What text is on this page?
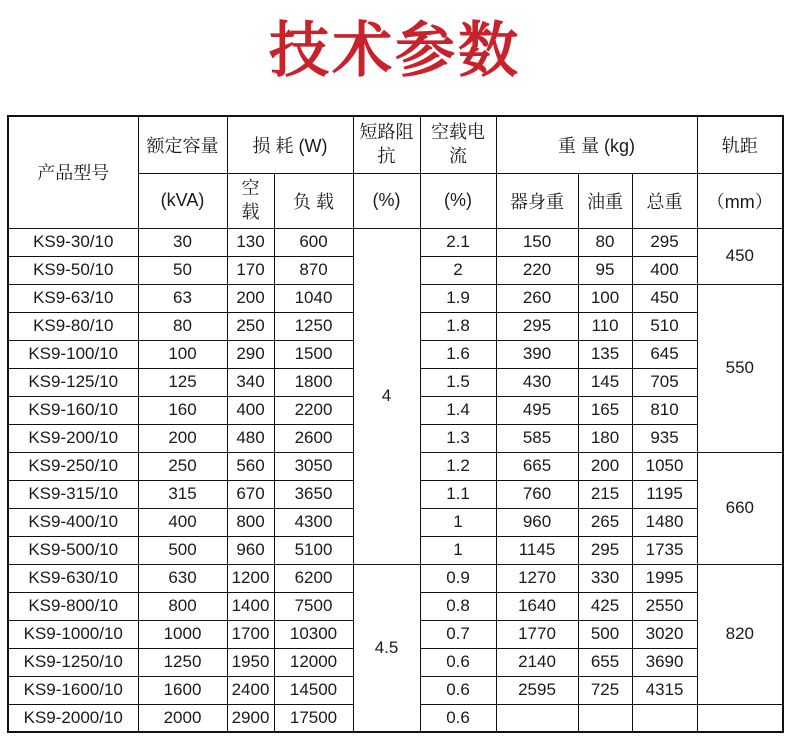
技术参数
产品型号	额定容量	损 耗 (W)		短路阻抗	空载电流	重 量 (kg)			轨距
	(kVA)	空载	负 载	(%)	(%)	器身重	油重	总重	（mm）
KS9-30/10	30	130	600	4	2.1	150	80	295	450
KS9-50/10	50	170	870		2	220	95	400	
KS9-63/10	63	200	1040		1.9	260	100	450	550
KS9-80/10	80	250	1250		1.8	295	110	510	
KS9-100/10	100	290	1500		1.6	390	135	645	
KS9-125/10	125	340	1800		1.5	430	145	705	
KS9-160/10	160	400	2200		1.4	495	165	810	
KS9-200/10	200	480	2600		1.3	585	180	935	
KS9-250/10	250	560	3050		1.2	665	200	1050	660
KS9-315/10	315	670	3650		1.1	760	215	1195	
KS9-400/10	400	800	4300		1	960	265	1480	
KS9-500/10	500	960	5100		1	1145	295	1735	
KS9-630/10	630	1200	6200	4.5	0.9	1270	330	1995	820
KS9-800/10	800	1400	7500		0.8	1640	425	2550	
KS9-1000/10	1000	1700	10300		0.7	1770	500	3020	
KS9-1250/10	1250	1950	12000		0.6	2140	655	3690	
KS9-1600/10	1600	2400	14500		0.6	2595	725	4315	
KS9-2000/10	2000	2900	17500		0.6				
